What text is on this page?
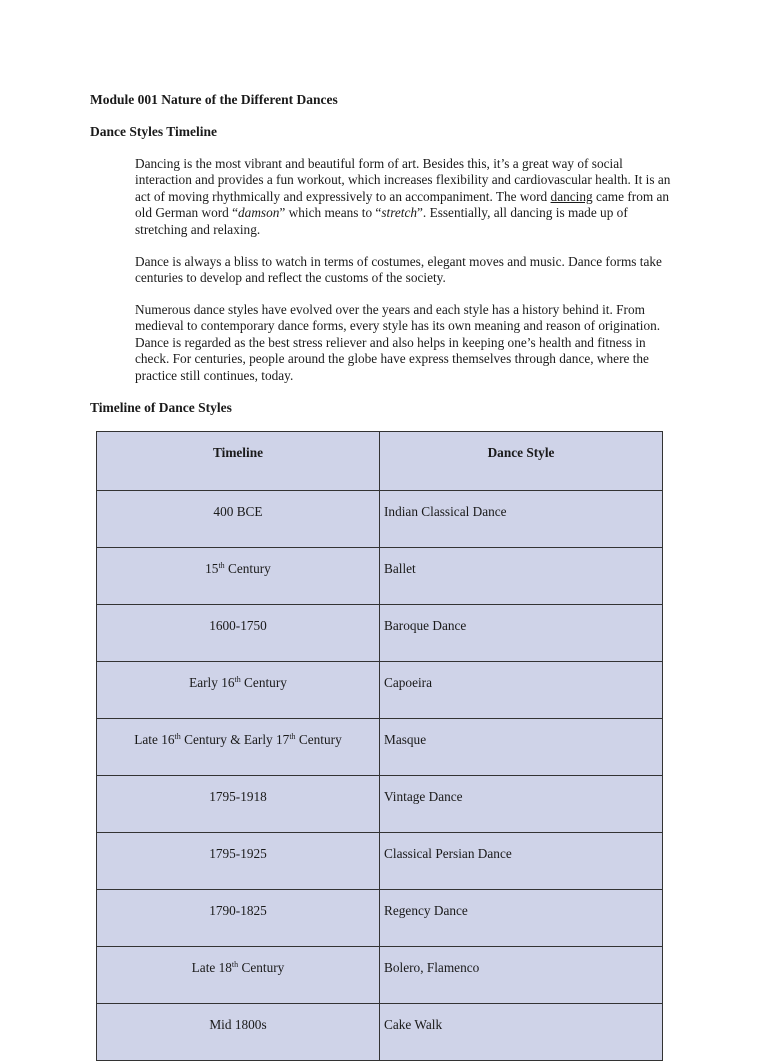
Module 001 Nature of the Different Dances
Dance Styles Timeline

Dancing is the most vibrant and beautiful form of art. Besides this, it’s a great way of social interaction and provides a fun workout, which increases flexibility and cardiovascular health. It is an act of moving rhythmically and expressively to an accompaniment. The word dancing came from an old German word “damson” which means to “stretch”. Essentially, all dancing is made up of stretching and relaxing.

Dance is always a bliss to watch in terms of costumes, elegant moves and music. Dance forms take centuries to develop and reflect the customs of the society.

Numerous dance styles have evolved over the years and each style has a history behind it. From medieval to contemporary dance forms, every style has its own meaning and reason of origination. Dance is regarded as the best stress reliever and also helps in keeping one’s health and fitness in check. For centuries, people around the globe have express themselves through dance, where the practice still continues, today.

Timeline of Dance Styles
Timeline	Dance Style
400 BCE	Indian Classical Dance
15th Century	Ballet
1600-1750	Baroque Dance
Early 16th Century	Capoeira
Late 16th Century & Early 17th Century	Masque
1795-1918	Vintage Dance
1795-1925	Classical Persian Dance
1790-1825	Regency Dance
Late 18th Century	Bolero, Flamenco
Mid 1800s	Cake Walk
